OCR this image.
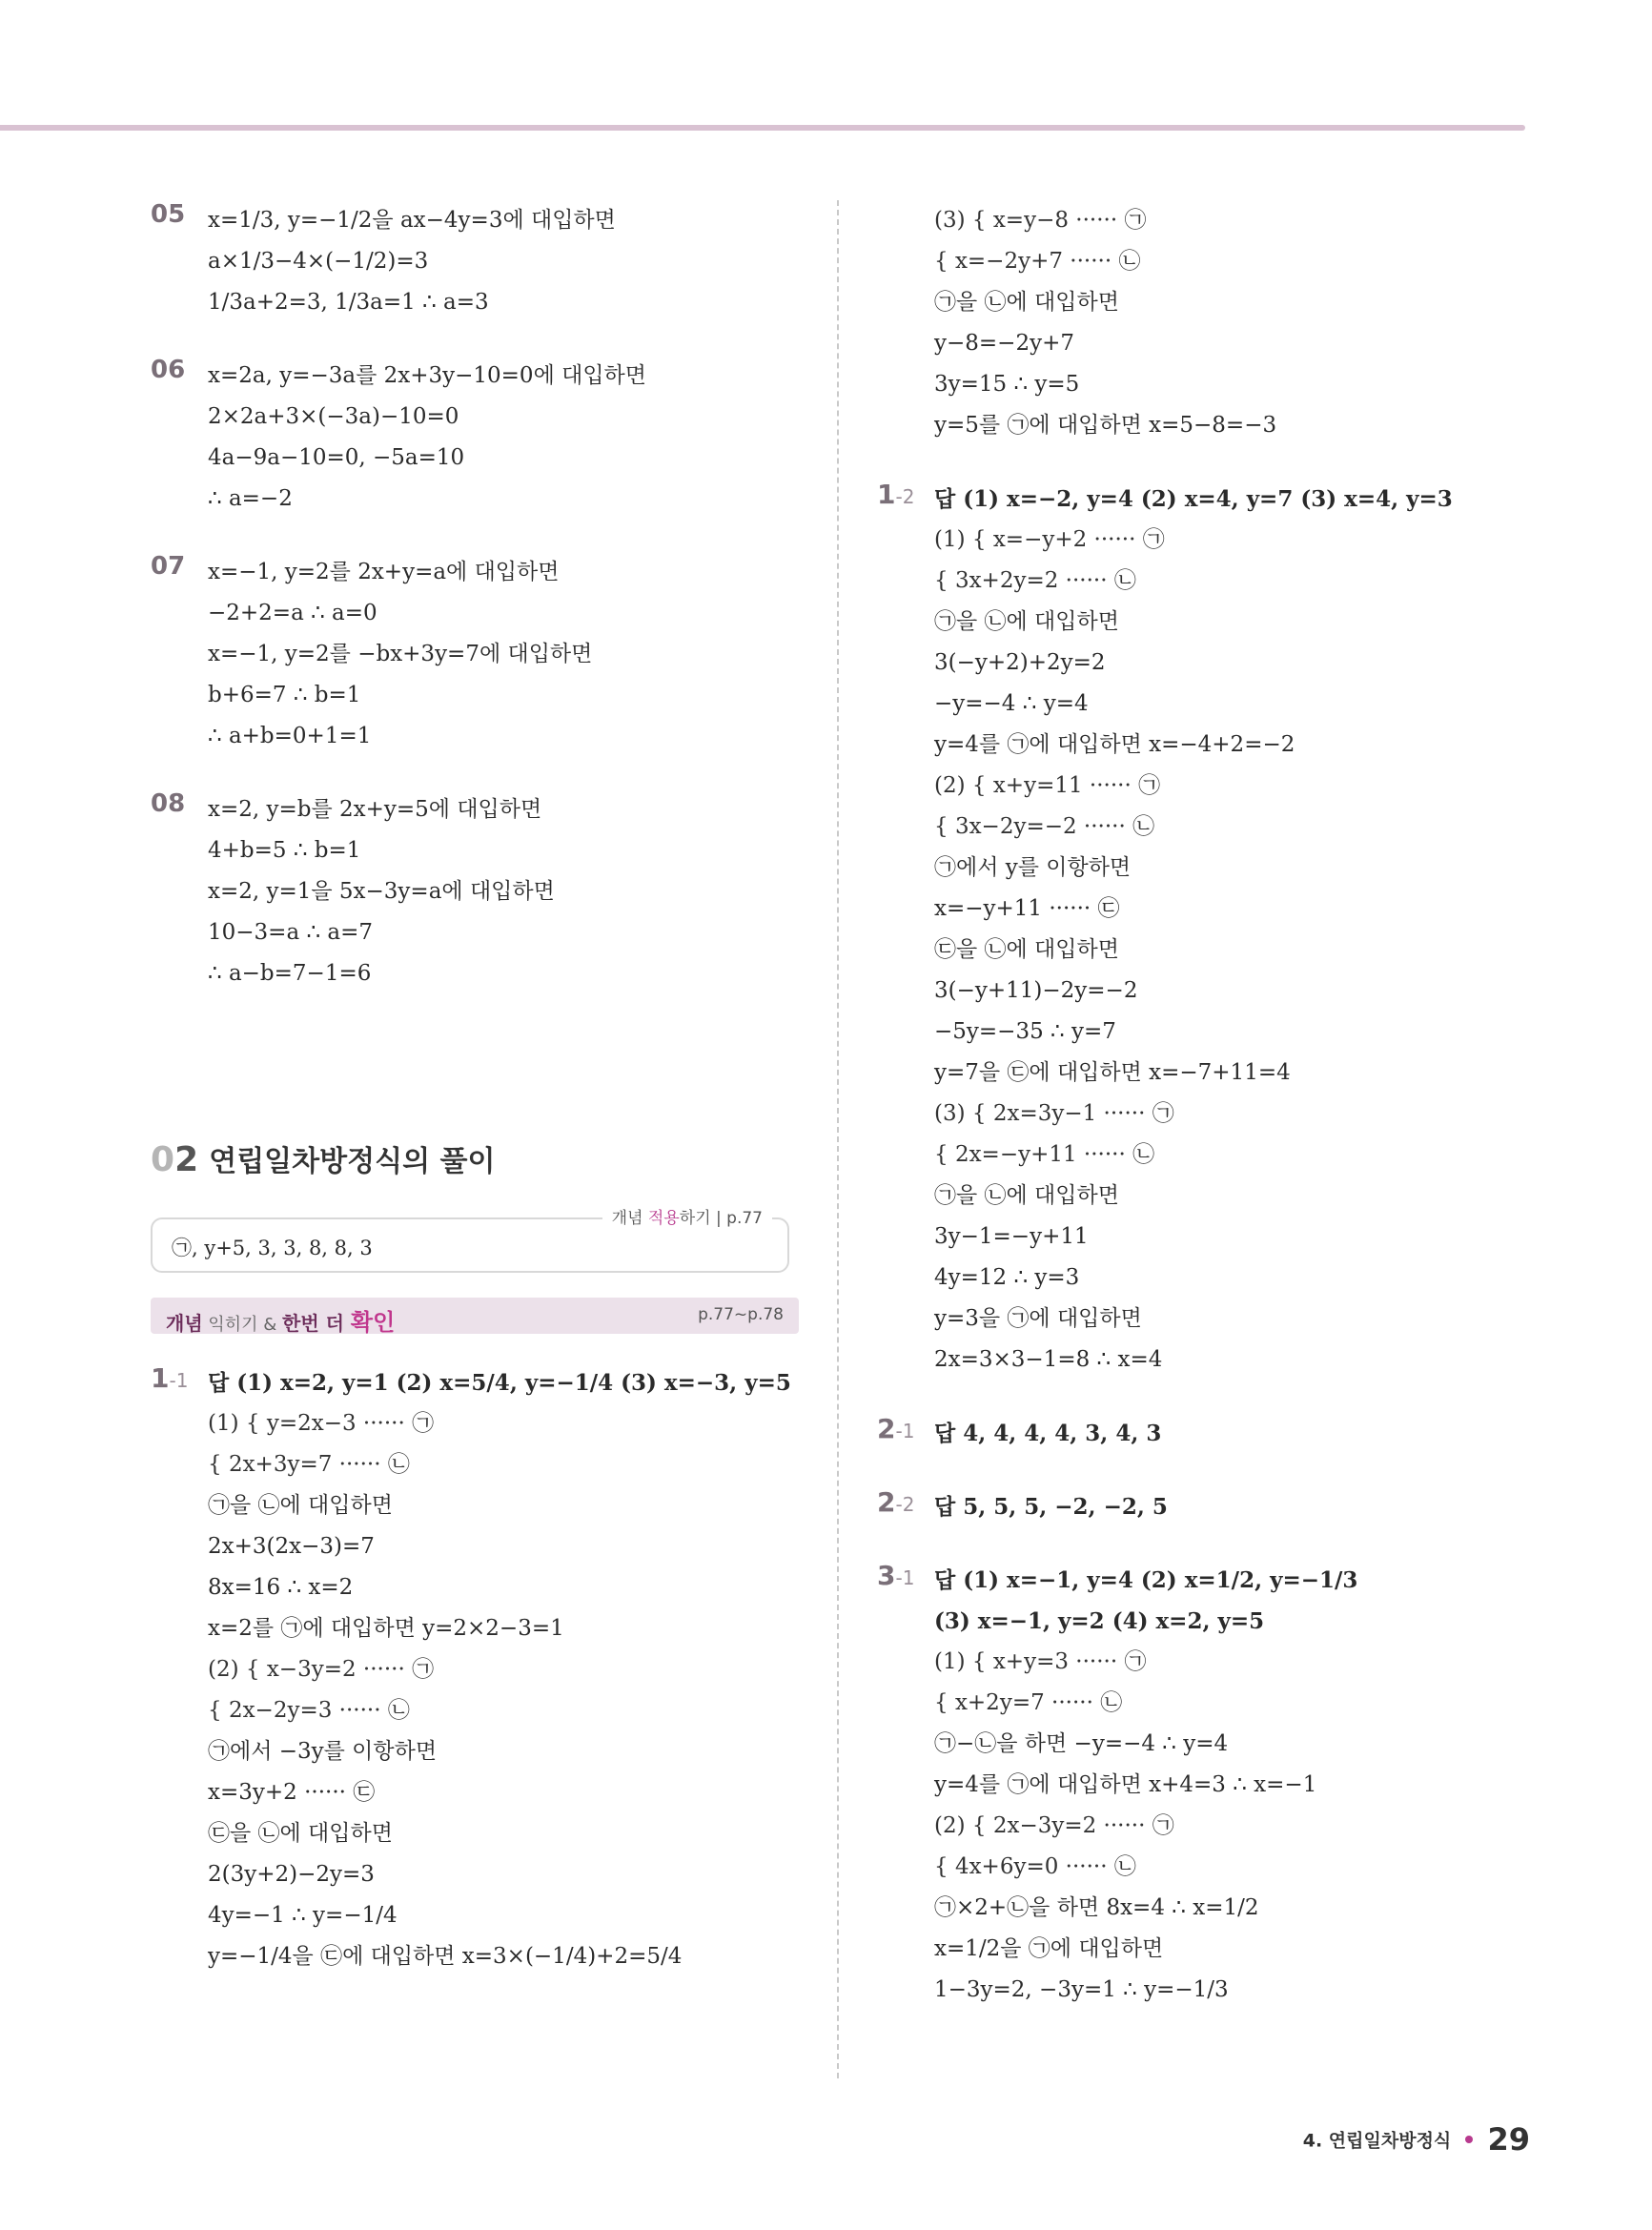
05 x=1/3, y=−1/2을 ax−4y=3에 대입하면
a×1/3−4×(−1/2)=3
1/3a+2=3, 1/3a=1 ∴ a=3
06 x=2a, y=−3a를 2x+3y−10=0에 대입하면
2×2a+3×(−3a)−10=0
4a−9a−10=0, −5a=10
∴ a=−2
07 x=−1, y=2를 2x+y=a에 대입하면
−2+2=a ∴ a=0
x=−1, y=2를 −bx+3y=7에 대입하면
b+6=7 ∴ b=1
∴ a+b=0+1=1
08 x=2, y=b를 2x+y=5에 대입하면
4+b=5 ∴ b=1
x=2, y=1을 5x−3y=a에 대입하면
10−3=a ∴ a=7
∴ a−b=7−1=6
02 연립일차방정식의 풀이
개념 적용하기 | p.77
㉠, y+5, 3, 3, 8, 8, 3
개념 익히기 & 한번 더 확인	p.77~p.78
1-1 답 (1) x=2, y=1 (2) x=5/4, y=−1/4 (3) x=−3, y=5
(1) { y=2x−3 ······ ㉠
{ 2x+3y=7 ······ ㉡
㉠을 ㉡에 대입하면
2x+3(2x−3)=7
8x=16 ∴ x=2
x=2를 ㉠에 대입하면 y=2×2−3=1
(2) { x−3y=2 ······ ㉠
{ 2x−2y=3 ······ ㉡
㉠에서 −3y를 이항하면
x=3y+2 ······ ㉢
㉢을 ㉡에 대입하면
2(3y+2)−2y=3
4y=−1 ∴ y=−1/4
y=−1/4을 ㉢에 대입하면 x=3×(−1/4)+2=5/4
(3) { x=y−8 ······ ㉠
{ x=−2y+7 ······ ㉡
㉠을 ㉡에 대입하면
y−8=−2y+7
3y=15 ∴ y=5
y=5를 ㉠에 대입하면 x=5−8=−3
1-2 답 (1) x=−2, y=4 (2) x=4, y=7 (3) x=4, y=3
(1) { x=−y+2 ······ ㉠
{ 3x+2y=2 ······ ㉡
㉠을 ㉡에 대입하면
3(−y+2)+2y=2
−y=−4 ∴ y=4
y=4를 ㉠에 대입하면 x=−4+2=−2
(2) { x+y=11 ······ ㉠
{ 3x−2y=−2 ······ ㉡
㉠에서 y를 이항하면
x=−y+11 ······ ㉢
㉢을 ㉡에 대입하면
3(−y+11)−2y=−2
−5y=−35 ∴ y=7
y=7을 ㉢에 대입하면 x=−7+11=4
(3) { 2x=3y−1 ······ ㉠
{ 2x=−y+11 ······ ㉡
㉠을 ㉡에 대입하면
3y−1=−y+11
4y=12 ∴ y=3
y=3을 ㉠에 대입하면
2x=3×3−1=8 ∴ x=4
2-1 답 4, 4, 4, 4, 3, 4, 3
2-2 답 5, 5, 5, −2, −2, 5
3-1 답 (1) x=−1, y=4 (2) x=1/2, y=−1/3
(3) x=−1, y=2 (4) x=2, y=5
(1) { x+y=3 ······ ㉠
{ x+2y=7 ······ ㉡
㉠−㉡을 하면 −y=−4 ∴ y=4
y=4를 ㉠에 대입하면 x+4=3 ∴ x=−1
(2) { 2x−3y=2 ······ ㉠
{ 4x+6y=0 ······ ㉡
㉠×2+㉡을 하면 8x=4 ∴ x=1/2
x=1/2을 ㉠에 대입하면
1−3y=2, −3y=1 ∴ y=−1/3
4. 연립일차방정식 29
